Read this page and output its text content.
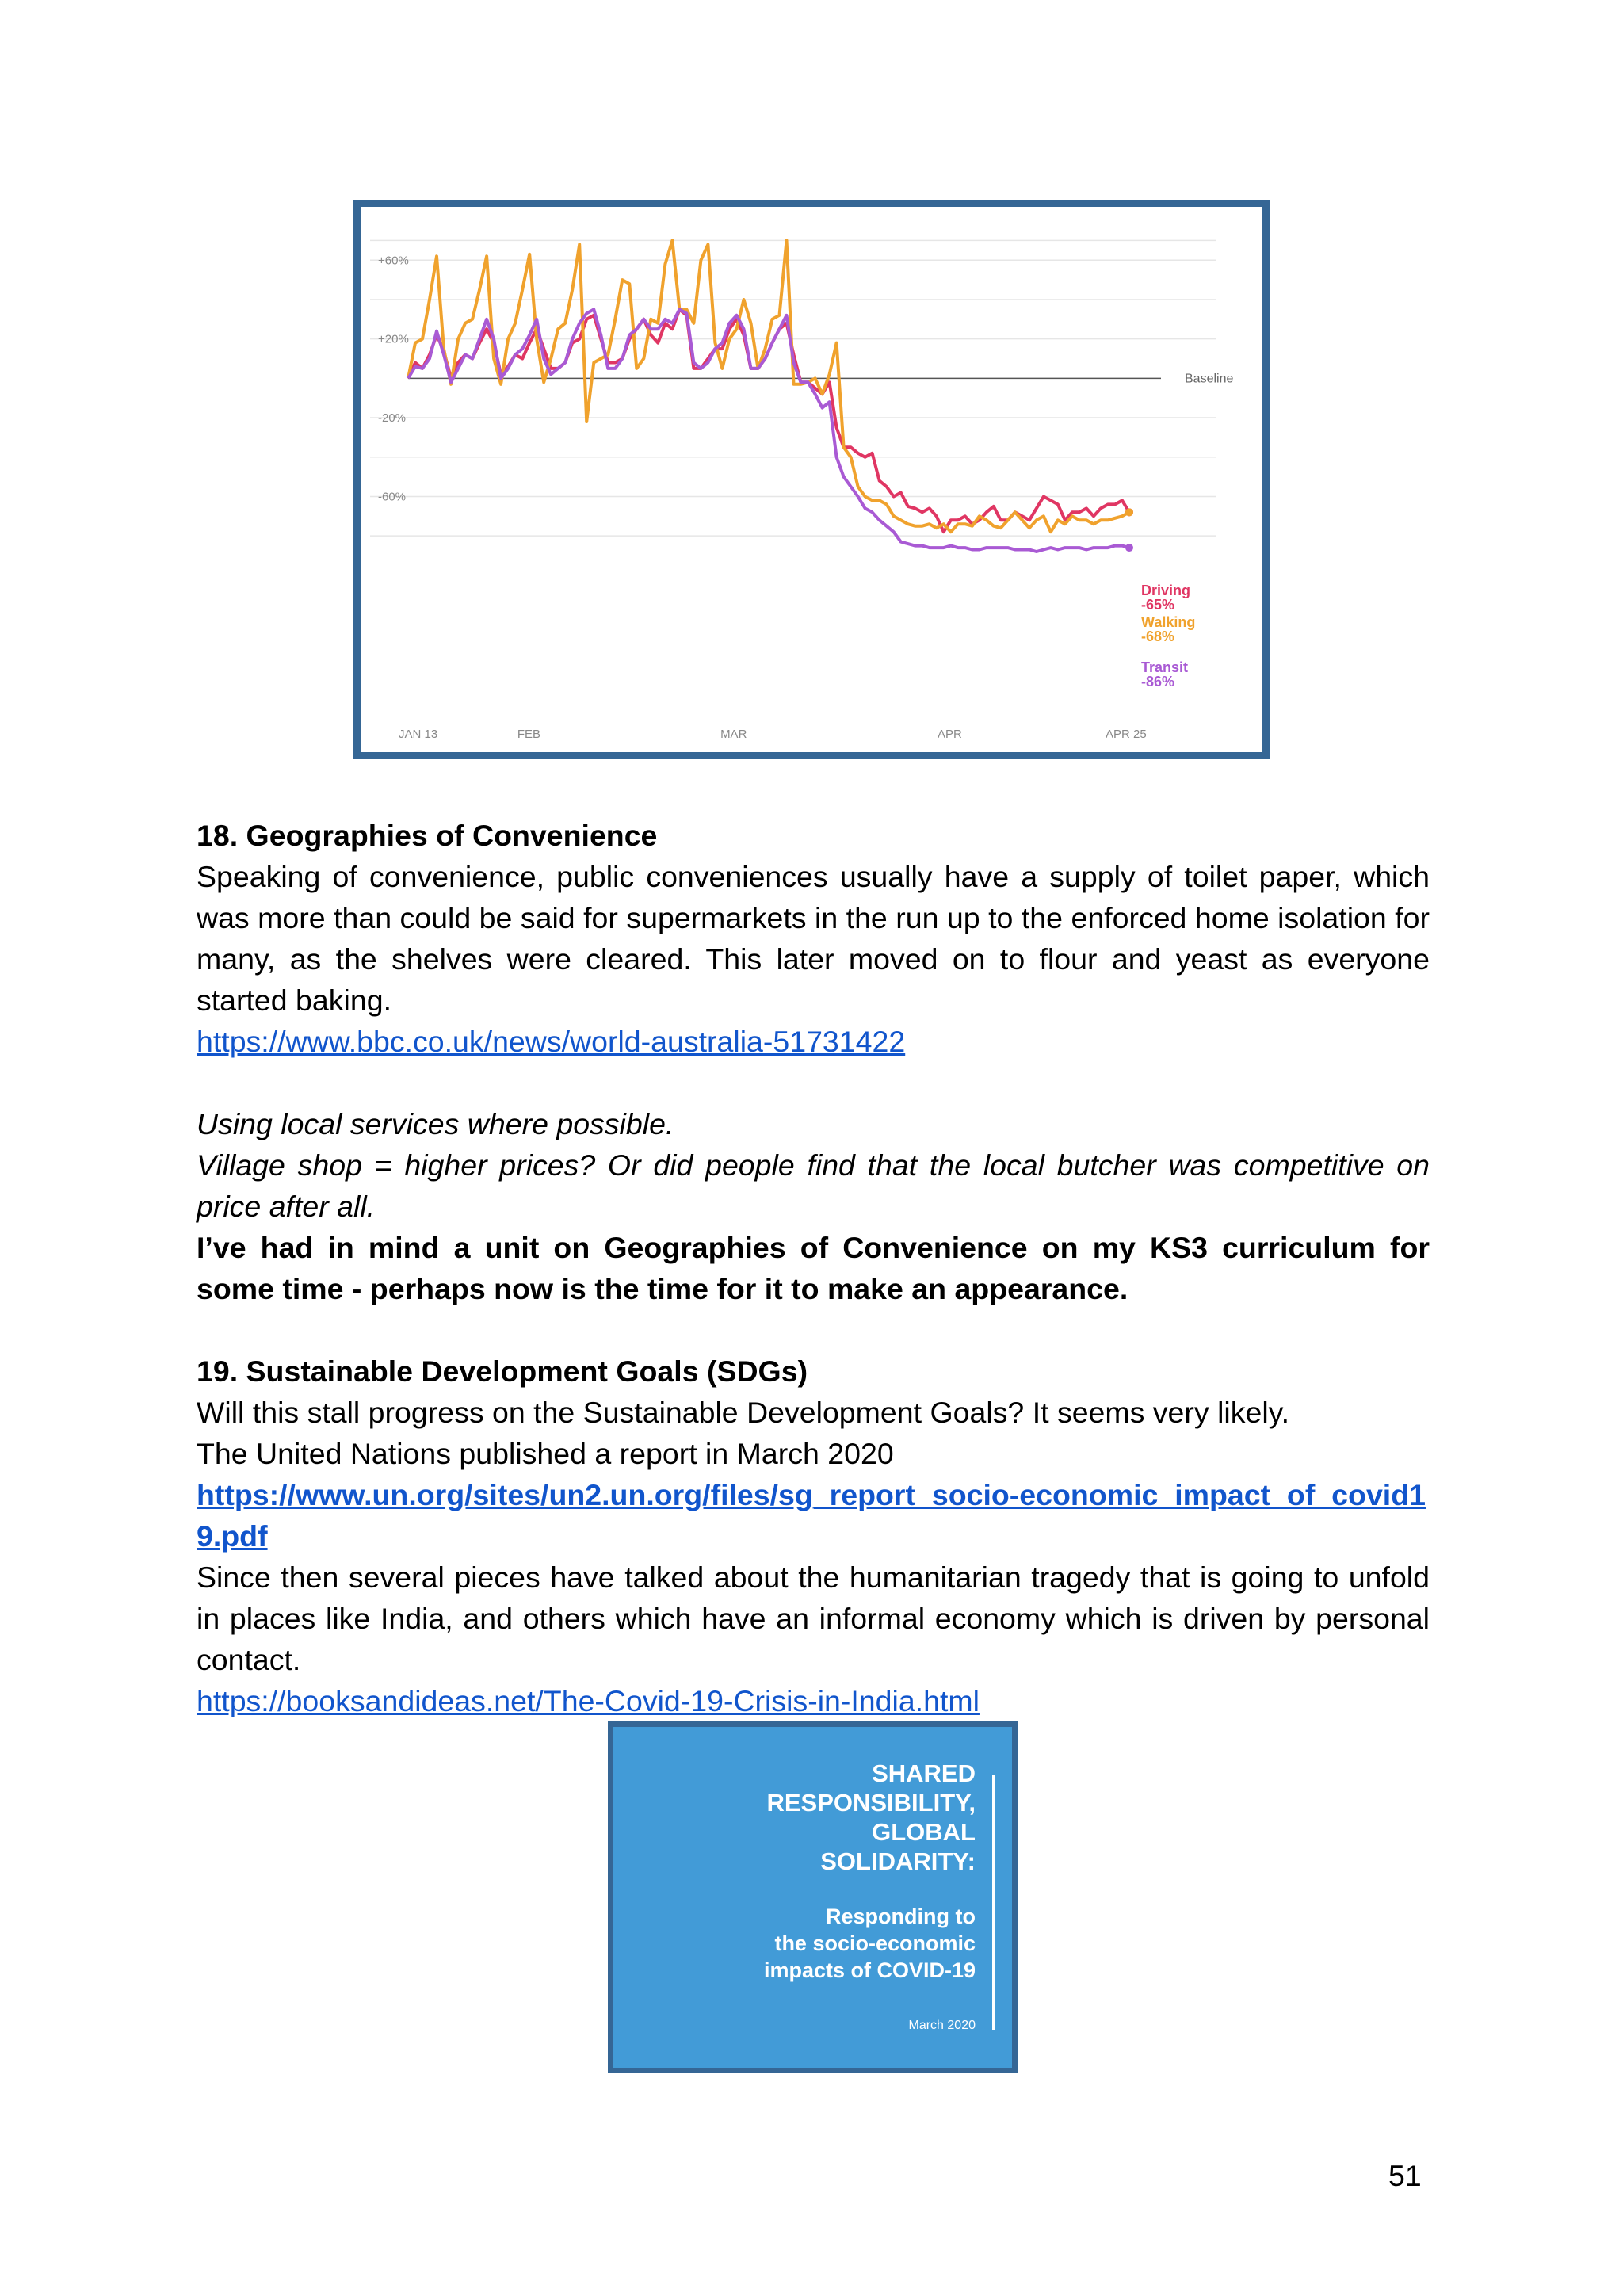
Baseline
+60%
+20%
-20%
-60%
JAN 13	FEB	MAR	APR	APR 25
Driving
-65%
Walking
-68%
Transit
-86%

18. Geographies of Convenience

Speaking of convenience, public conveniences usually have a supply of toilet paper, which was more than could be said for supermarkets in the run up to the enforced home isolation for many, as the shelves were cleared. This later moved on to flour and yeast as everyone started baking.

https://www.bbc.co.uk/news/world-australia-51731422

Using local services where possible.

Village shop = higher prices? Or did people find that the local butcher was competitive on price after all.

I’ve had in mind a unit on Geographies of Convenience on my KS3 curriculum for some time - perhaps now is the time for it to make an appearance.

19. Sustainable Development Goals (SDGs)

Will this stall progress on the Sustainable Development Goals? It seems very likely.

The United Nations published a report in March 2020

https://www.un.org/sites/un2.un.org/files/sg_report_socio-economic_impact_of_covid19.pdf

Since then several pieces have talked about the humanitarian tragedy that is going to unfold in places like India, and others which have an informal economy which is driven by personal contact.

https://booksandideas.net/The-Covid-19-Crisis-in-India.html

SHARED
RESPONSIBILITY,
GLOBAL
SOLIDARITY:

Responding to
the socio-economic
impacts of COVID-19

March 2020

51
